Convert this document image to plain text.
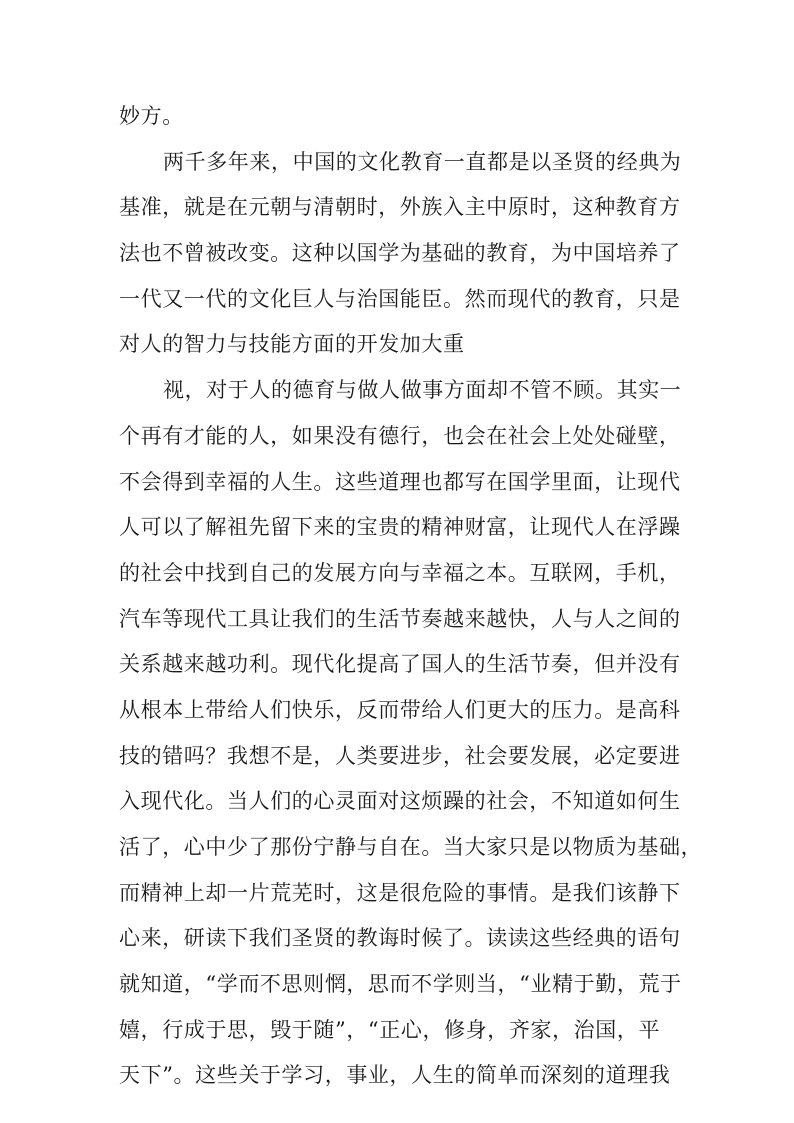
妙方。
两千多年来，中国的文化教育一直都是以圣贤的经典为
基准，就是在元朝与清朝时，外族入主中原时，这种教育方
法也不曾被改变。这种以国学为基础的教育，为中国培养了
一代又一代的文化巨人与治国能臣。然而现代的教育，只是
对人的智力与技能方面的开发加大重
视，对于人的德育与做人做事方面却不管不顾。其实一
个再有才能的人，如果没有德行，也会在社会上处处碰壁，
不会得到幸福的人生。这些道理也都写在国学里面，让现代
人可以了解祖先留下来的宝贵的精神财富，让现代人在浮躁
的社会中找到自己的发展方向与幸福之本。互联网，手机，
汽车等现代工具让我们的生活节奏越来越快，人与人之间的
关系越来越功利。现代化提高了国人的生活节奏，但并没有
从根本上带给人们快乐，反而带给人们更大的压力。是高科
技的错吗？我想不是，人类要进步，社会要发展，必定要进
入现代化。当人们的心灵面对这烦躁的社会，不知道如何生
活了，心中少了那份宁静与自在。当大家只是以物质为基础，
而精神上却一片荒芜时，这是很危险的事情。是我们该静下
心来，研读下我们圣贤的教诲时候了。读读这些经典的语句
就知道，“学而不思则惘，思而不学则当，“业精于勤，荒于
嬉，行成于思，毁于随”，“正心，修身，齐家，治国，平
天下”。这些关于学习，事业，人生的简单而深刻的道理我
